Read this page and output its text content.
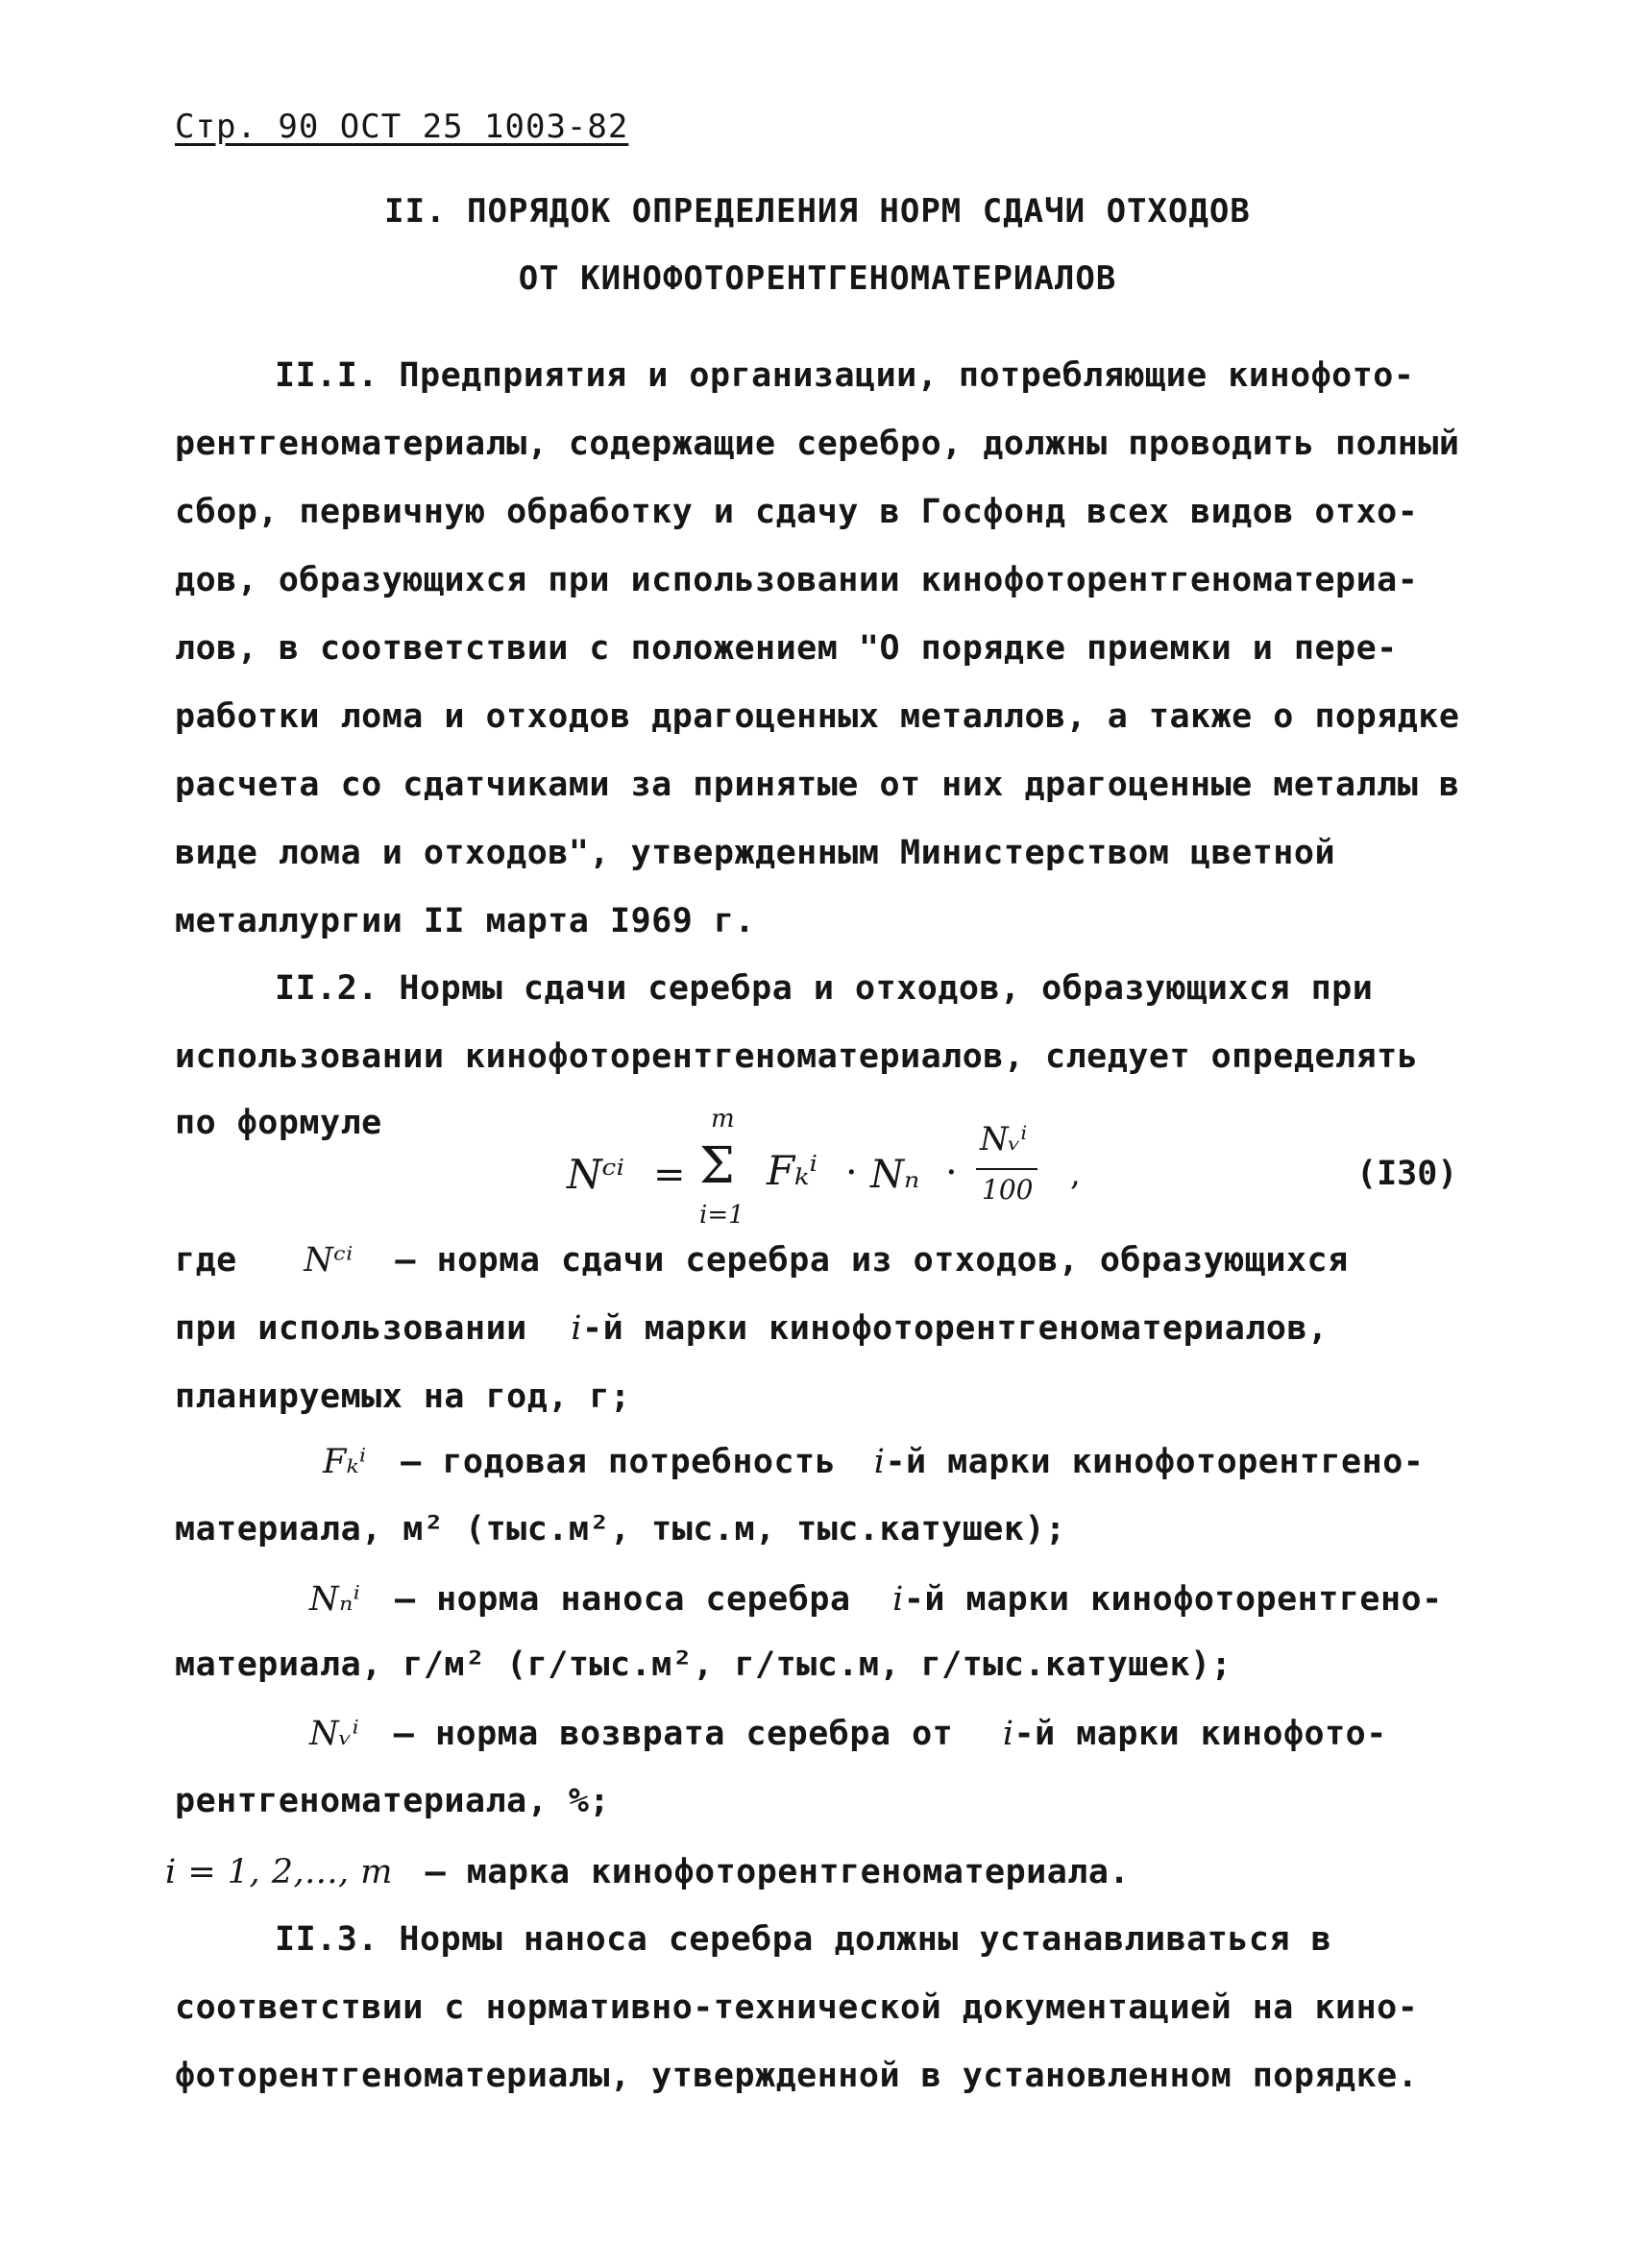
Стр. 90 ОСТ 25 1003-82
II. ПОРЯДОК ОПРЕДЕЛЕНИЯ НОРМ СДАЧИ ОТХОДОВ
ОТ КИНОФОТОРЕНТГЕНОМАТЕРИАЛОВ
II.I. Предприятия и организации, потребляющие кинофото-
рентгеноматериалы, содержащие серебро, должны проводить полный
сбор, первичную обработку и сдачу в Госфонд всех видов отхо-
дов, образующихся при использовании кинофоторентгеноматериа-
лов, в соответствии с положением "О порядке приемки и пере-
работки лома и отходов драгоценных металлов, а также о порядке
расчета со сдатчиками за принятые от них драгоценные металлы в
виде лома и отходов", утвержденным Министерством цветной
металлургии II марта I969 г.
II.2. Нормы сдачи серебра и отходов, образующихся при
использовании кинофоторентгеноматериалов, следует определять
по формуле
Nᶜⁱ =
m
Σ
i=1
Fₖⁱ · Nₙ ·
Nᵥⁱ
100 ,	(I30)
где Nᶜⁱ – норма сдачи серебра из отходов, образующихся
при использовании i-й марки кинофоторентгеноматериалов,
планируемых на год, г;
Fₖⁱ – годовая потребность i-й марки кинофоторентгено-
материала, м² (тыс.м², тыс.м, тыс.катушек);
Nₙⁱ – норма наноса серебра i-й марки кинофоторентгено-
материала, г/м² (г/тыс.м², г/тыс.м, г/тыс.катушек);
Nᵥⁱ – норма возврата серебра от i-й марки кинофото-
рентгеноматериала, %;
i = 1, 2,..., m – марка кинофоторентгеноматериала.
II.3. Нормы наноса серебра должны устанавливаться в
соответствии с нормативно-технической документацией на кино-
фоторентгеноматериалы, утвержденной в установленном порядке.
